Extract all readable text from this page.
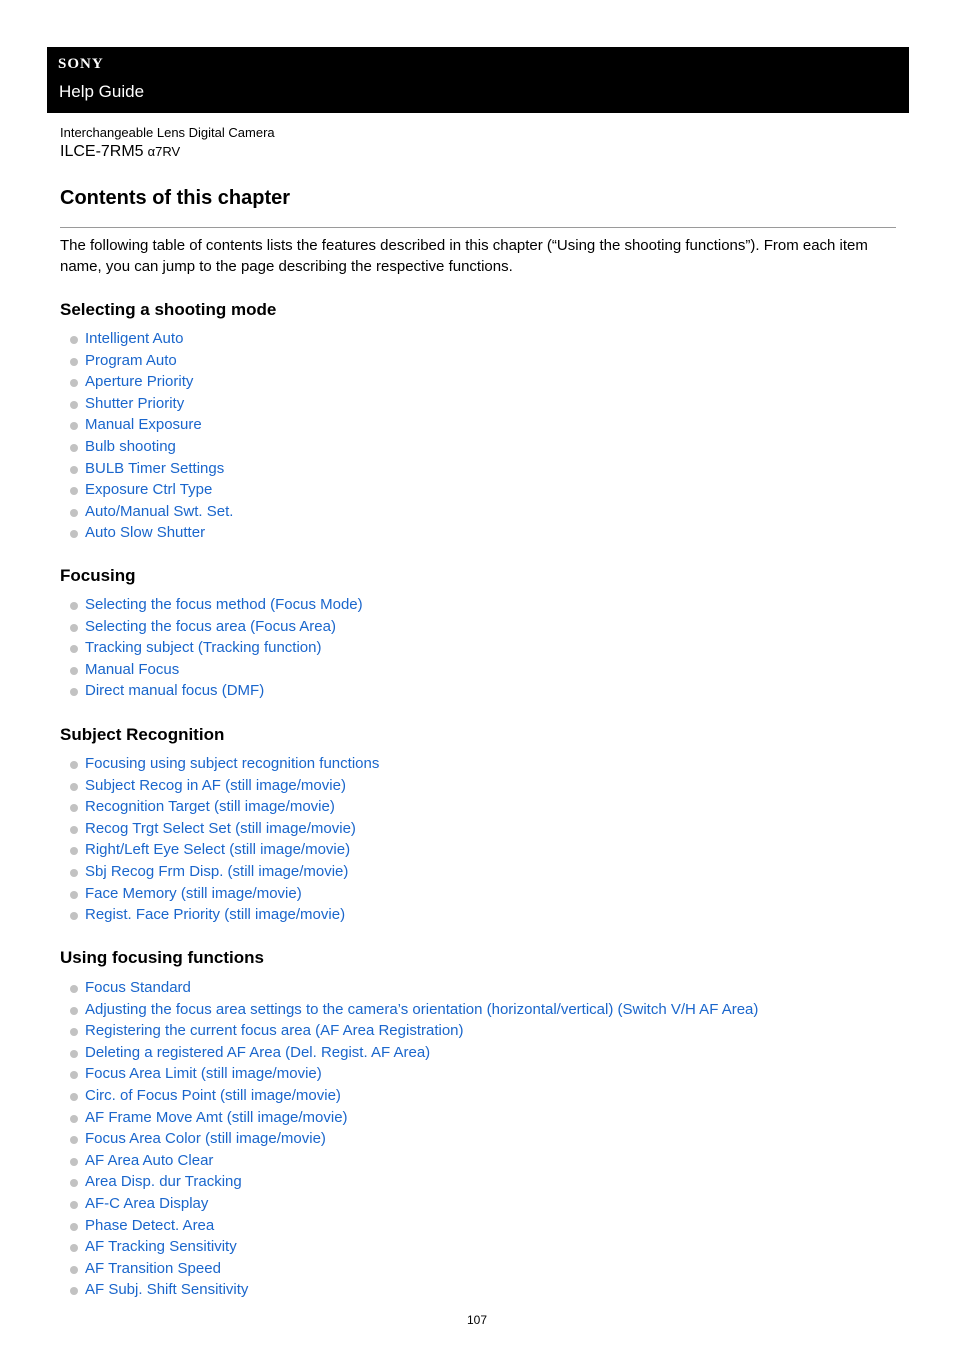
SONY
Help Guide
Interchangeable Lens Digital Camera
ILCE-7RM5 α7RV
Contents of this chapter

The following table of contents lists the features described in this chapter (“Using the shooting functions”). From each item name, you can jump to the page describing the respective functions.

Selecting a shooting mode
Intelligent Auto
Program Auto
Aperture Priority
Shutter Priority
Manual Exposure
Bulb shooting
BULB Timer Settings
Exposure Ctrl Type
Auto/Manual Swt. Set.
Auto Slow Shutter
Focusing
Selecting the focus method (Focus Mode)
Selecting the focus area (Focus Area)
Tracking subject (Tracking function)
Manual Focus
Direct manual focus (DMF)
Subject Recognition
Focusing using subject recognition functions
Subject Recog in AF (still image/movie)
Recognition Target (still image/movie)
Recog Trgt Select Set (still image/movie)
Right/Left Eye Select (still image/movie)
Sbj Recog Frm Disp. (still image/movie)
Face Memory (still image/movie)
Regist. Face Priority (still image/movie)
Using focusing functions
Focus Standard
Adjusting the focus area settings to the camera’s orientation (horizontal/vertical) (Switch V/H AF Area)
Registering the current focus area (AF Area Registration)
Deleting a registered AF Area (Del. Regist. AF Area)
Focus Area Limit (still image/movie)
Circ. of Focus Point (still image/movie)
AF Frame Move Amt (still image/movie)
Focus Area Color (still image/movie)
AF Area Auto Clear
Area Disp. dur Tracking
AF-C Area Display
Phase Detect. Area
AF Tracking Sensitivity
AF Transition Speed
AF Subj. Shift Sensitivity
107
